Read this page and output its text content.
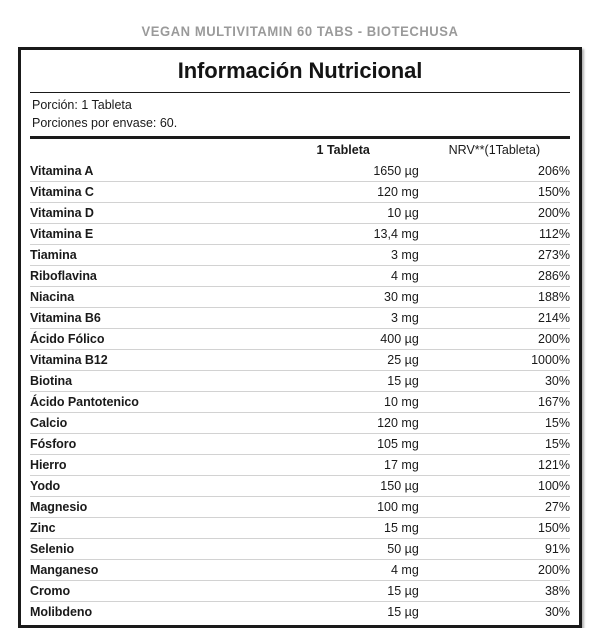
VEGAN MULTIVITAMIN 60 TABS - BIOTECHUSA
Información Nutricional
Porción: 1 Tableta
Porciones por envase: 60.
	1 Tableta	NRV**(1Tableta)
Vitamina A	1650 µg	206%
Vitamina C	120 mg	150%
Vitamina D	10 µg	200%
Vitamina E	13,4 mg	112%
Tiamina	3 mg	273%
Riboflavina	4 mg	286%
Niacina	30 mg	188%
Vitamina B6	3 mg	214%
Ácido Fólico	400 µg	200%
Vitamina B12	25 µg	1000%
Biotina	15 µg	30%
Ácido Pantotenico	10 mg	167%
Calcio	120 mg	15%
Fósforo	105 mg	15%
Hierro	17 mg	121%
Yodo	150 µg	100%
Magnesio	100 mg	27%
Zinc	15 mg	150%
Selenio	50 µg	91%
Manganeso	4 mg	200%
Cromo	15 µg	38%
Molibdeno	15 µg	30%
